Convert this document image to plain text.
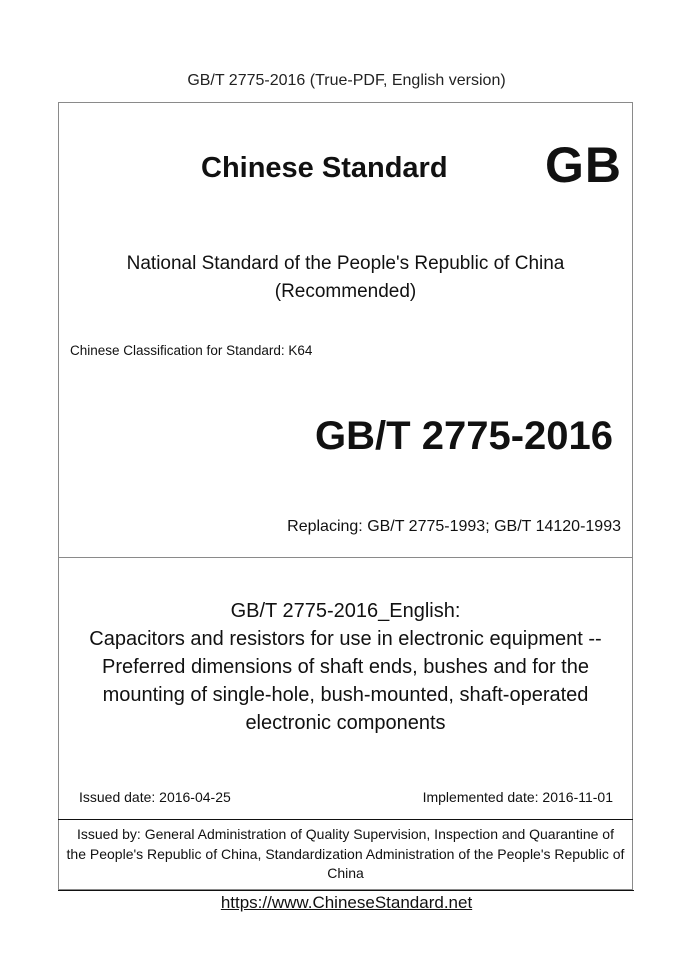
GB/T 2775-2016 (True-PDF, English version)
Chinese Standard GB
National Standard of the People's Republic of China
(Recommended)
Chinese Classification for Standard: K64
GB/T 2775-2016
Replacing: GB/T 2775-1993; GB/T 14120-1993
GB/T 2775-2016_English:
Capacitors and resistors for use in electronic equipment --
Preferred dimensions of shaft ends, bushes and for the
mounting of single-hole, bush-mounted, shaft-operated
electronic components
Issued date: 2016-04-25	Implemented date: 2016-11-01
Issued by: General Administration of Quality Supervision, Inspection and Quarantine of
the People's Republic of China, Standardization Administration of the People's Republic of
China
https://www.ChineseStandard.net
